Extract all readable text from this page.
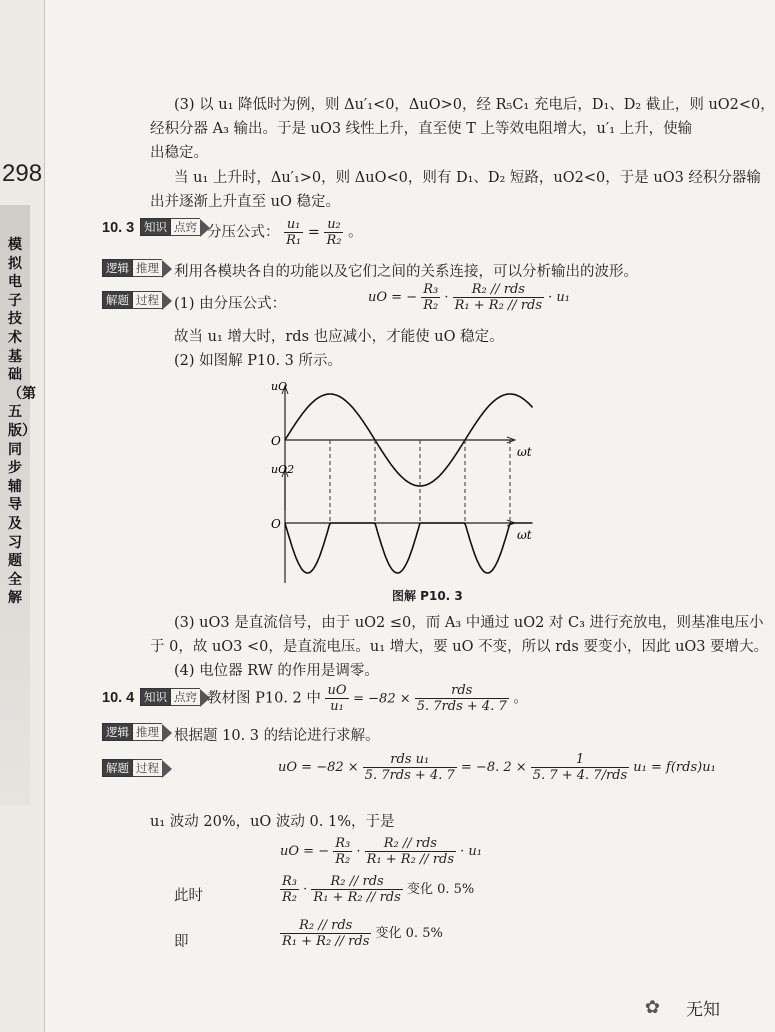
298
模拟电子技术基础（第五版）同步辅导及习题全解
(3) 以 u₁ 降低时为例，则 Δu′₁<0，ΔuO>0，经 R₅C₁ 充电后，D₁、D₂ 截止，则 uO2<0，
经积分器 A₃ 输出。于是 uO3 线性上升，直至使 T 上等效电阻增大，u′₁ 上升，使输
出稳定。
当 u₁ 上升时，Δu′₁>0，则 ΔuO<0，则有 D₁、D₂ 短路，uO2<0，于是 uO3 经积分器输
出并逐渐上升直至 uO 稳定。
10. 3 知识 点窍 分压公式： $\frac{\text{u₁}}{\text{R₁}} = \frac{\text{u₂}}{\text{R₂}}$ 。
逻辑 推理	利用各模块各自的功能以及它们之间的关系连接，可以分析输出的波形。
解题 过程	(1) 由分压公式：	uO = − $\frac{\text{R₃}}{\text{R₂}} \cdot \frac{\text{R₂ // rds}}{\text{R₁ + R₂ // rds}} \cdot u_1$
故当 u₁ 增大时，rds 也应减小，才能使 uO 稳定。
(2) 如图解 P10. 3 所示。
uO
ωt
O
uO2
ωt
O
图解 P10. 3
(3) uO3 是直流信号，由于 uO2 ≤0，而 A₃ 中通过 uO2 对 C₃ 进行充放电，则基准电压小
于 0，故 uO3 <0，是直流电压。u₁ 增大，要 uO 不变，所以 rds 要变小，因此 uO3 要增大。
(4) 电位器 RW 的作用是调零。
10. 4 知识 点窍 教材图 P10. 2 中 $\frac{uO}{\text{u₁}} = -82 \times \frac{\text{rds}}{\text{5. 7rds + 4. 7}}$ 。
逻辑 推理	根据题 10. 3 的结论进行求解。
解题 过程	uO = $-82 \times \frac{\text{rds u₁}}{\text{5. 7rds + 4. 7}} = -8$. $2 \times \frac{1}{\text{5. 7 + 4. 7/rds}} u_1 = f(rds)u_1$
u₁ 波动 20%，uO 波动 0. 1%，于是
uO = − $\frac{\text{R₃}}{\text{R₂}} \cdot \frac{\text{R₂ // rds}}{\text{R₁ + R₂ // rds}} \cdot u_1$
此时	$\frac{\text{R₃}}{\text{R₂}} \cdot \frac{\text{R₂ // rds}}{\text{R₁ + R₂ // rds}}$ 变化 0. 5%
即	$\frac{\text{R₂ // rds}}{\text{R₁ + R₂ // rds}}$ 变化 0. 5%
✿ 无知
